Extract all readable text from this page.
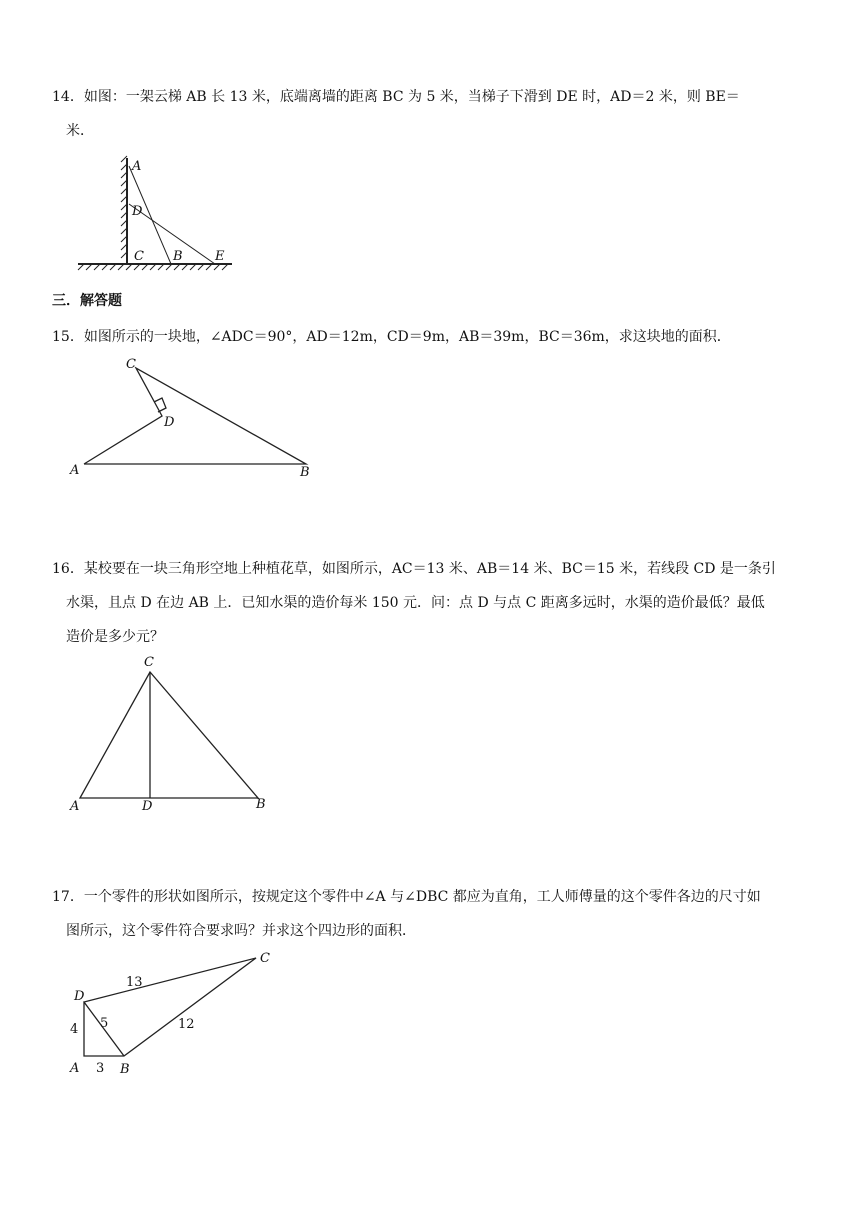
14．如图：一架云梯 AB 长 13 米，底端离墙的距离 BC 为 5 米，当梯子下滑到 DE 时，AD＝2 米，则 BE＝

米．

A
D
C B E
三．解答题

15．如图所示的一块地，∠ADC＝90°，AD＝12m，CD＝9m，AB＝39m，BC＝36m，求这块地的面积．

C
D
A	B

16．某校要在一块三角形空地上种植花草，如图所示，AC＝13 米、AB＝14 米、BC＝15 米，若线段 CD 是一条引

水渠，且点 D 在边 AB 上．已知水渠的造价每米 150 元．问：点 D 与点 C 距离多远时，水渠的造价最低？最低

造价是多少元？

C
A	D	B

17．一个零件的形状如图所示，按规定这个零件中∠A 与∠DBC 都应为直角，工人师傅量的这个零件各边的尺寸如

图所示，这个零件符合要求吗？并求这个四边形的面积．

C
D
A	B
13
5	12
4
3
